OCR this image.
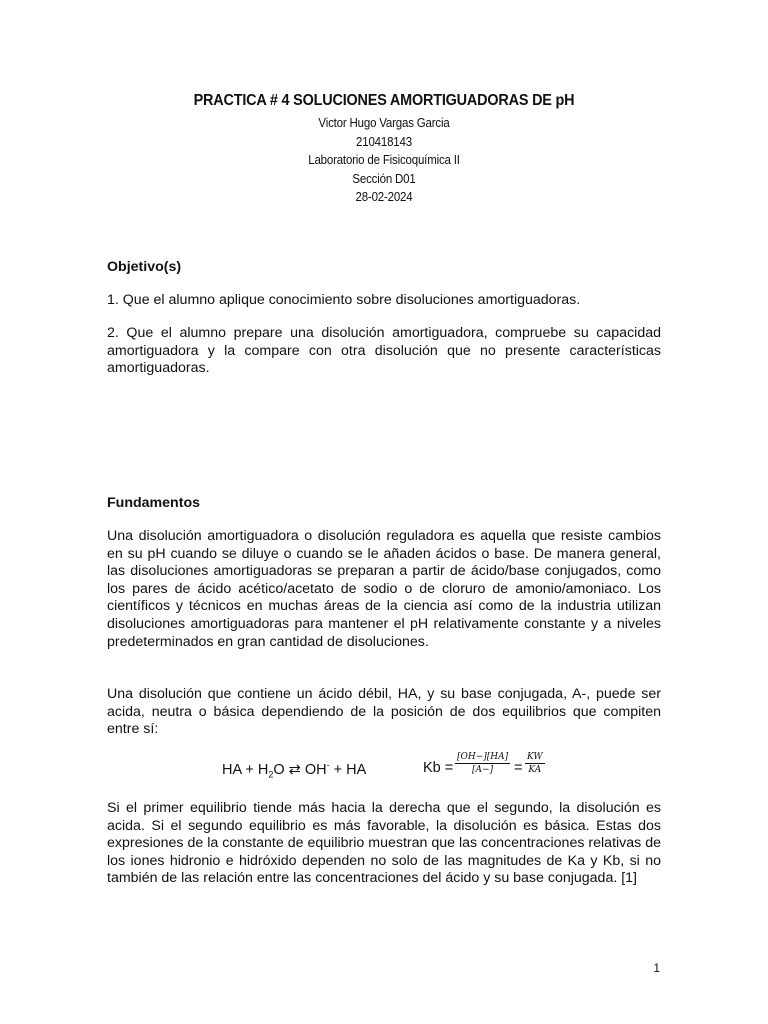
PRACTICA # 4 SOLUCIONES AMORTIGUADORAS DE pH

Victor Hugo Vargas Garcia

210418143

Laboratorio de Fisicoquímica II

Sección D01

28-02-2024

Objetivo(s)

1. Que el alumno aplique conocimiento sobre disoluciones amortiguadoras.

2. Que el alumno prepare una disolución amortiguadora, compruebe su capacidad amortiguadora y la compare con otra disolución que no presente características amortiguadoras.

Fundamentos

Una disolución amortiguadora o disolución reguladora es aquella que resiste cambios en su pH cuando se diluye o cuando se le añaden ácidos o base. De manera general, las disoluciones amortiguadoras se preparan a partir de ácido/base conjugados, como los pares de ácido acético/acetato de sodio o de cloruro de amonio/amoniaco. Los científicos y técnicos en muchas áreas de la ciencia así como de la industria utilizan disoluciones amortiguadoras para mantener el pH relativamente constante y a niveles predeterminados en gran cantidad de disoluciones.

Una disolución que contiene un ácido débil, HA, y su base conjugada, A-, puede ser acida, neutra o básica dependiendo de la posición de dos equilibrios que compiten entre sí:

HA + $H_2O$ ⇄ OH- + HA	$Kb = \frac{[OH-][HA]}{[A-]} = \frac{KW}{KA}$

Si el primer equilibrio tiende más hacia la derecha que el segundo, la disolución es acida. Si el segundo equilibrio es más favorable, la disolución es básica. Estas dos expresiones de la constante de equilibrio muestran que las concentraciones relativas de los iones hidronio e hidróxido dependen no solo de las magnitudes de Ka y Kb, si no también de las relación entre las concentraciones del ácido y su base conjugada. [1]

1
